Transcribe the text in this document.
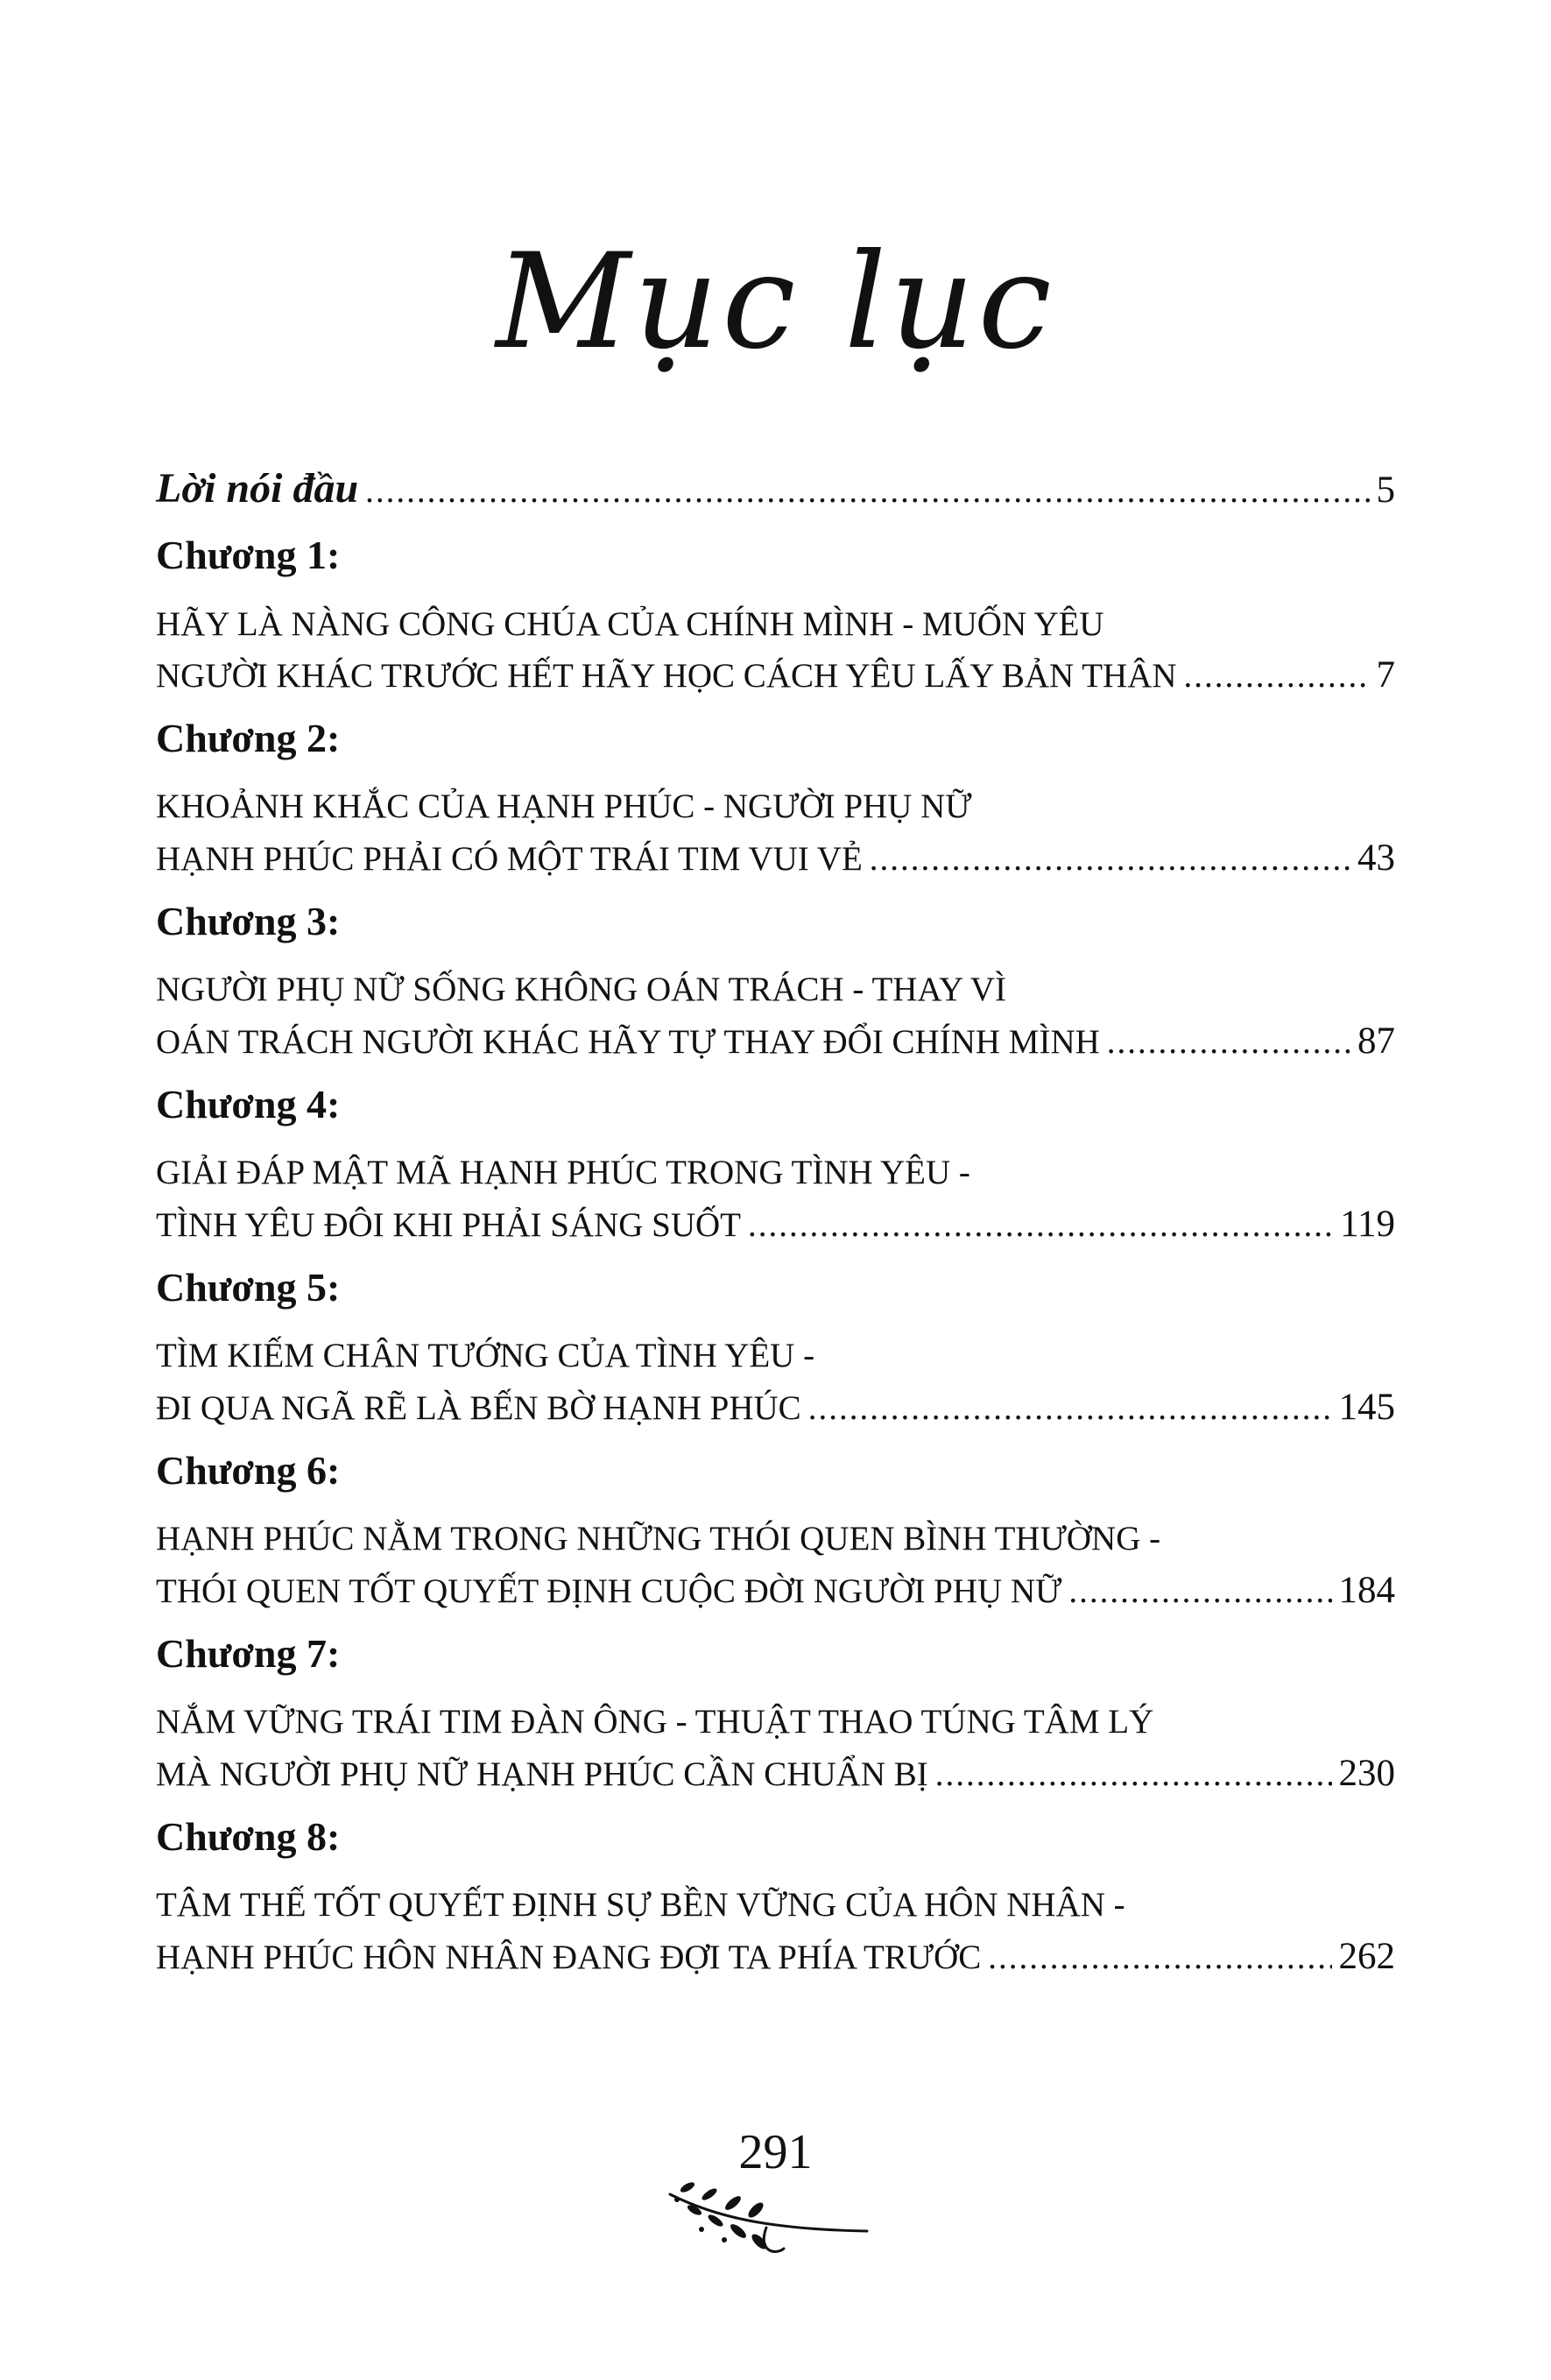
Mục lục
Lời nói đầu .....	5
Chương 1:
HÃY LÀ NÀNG CÔNG CHÚA CỦA CHÍNH MÌNH - MUỐN YÊU
NGƯỜI KHÁC TRƯỚC HẾT HÃY HỌC CÁCH YÊU LẤY BẢN THÂN .....	7
Chương 2:
KHOẢNH KHẮC CỦA HẠNH PHÚC - NGƯỜI PHỤ NỮ
HẠNH PHÚC PHẢI CÓ MỘT TRÁI TIM VUI VẺ .....	43
Chương 3:
NGƯỜI PHỤ NỮ SỐNG KHÔNG OÁN TRÁCH - THAY VÌ
OÁN TRÁCH NGƯỜI KHÁC HÃY TỰ THAY ĐỔI CHÍNH MÌNH .....	87
Chương 4:
GIẢI ĐÁP MẬT MÃ HẠNH PHÚC TRONG TÌNH YÊU -
TÌNH YÊU ĐÔI KHI PHẢI SÁNG SUỐT .....	119
Chương 5:
TÌM KIẾM CHÂN TƯỚNG CỦA TÌNH YÊU -
ĐI QUA NGÃ RẼ LÀ BẾN BỜ HẠNH PHÚC .....	145
Chương 6:
HẠNH PHÚC NẰM TRONG NHỮNG THÓI QUEN BÌNH THƯỜNG -
THÓI QUEN TỐT QUYẾT ĐỊNH CUỘC ĐỜI NGƯỜI PHỤ NỮ .....	184
Chương 7:
NẮM VỮNG TRÁI TIM ĐÀN ÔNG - THUẬT THAO TÚNG TÂM LÝ
MÀ NGƯỜI PHỤ NỮ HẠNH PHÚC CẦN CHUẨN BỊ .....	230
Chương 8:
TÂM THẾ TỐT QUYẾT ĐỊNH SỰ BỀN VỮNG CỦA HÔN NHÂN -
HẠNH PHÚC HÔN NHÂN ĐANG ĐỢI TA PHÍA TRƯỚC .....	262
291
